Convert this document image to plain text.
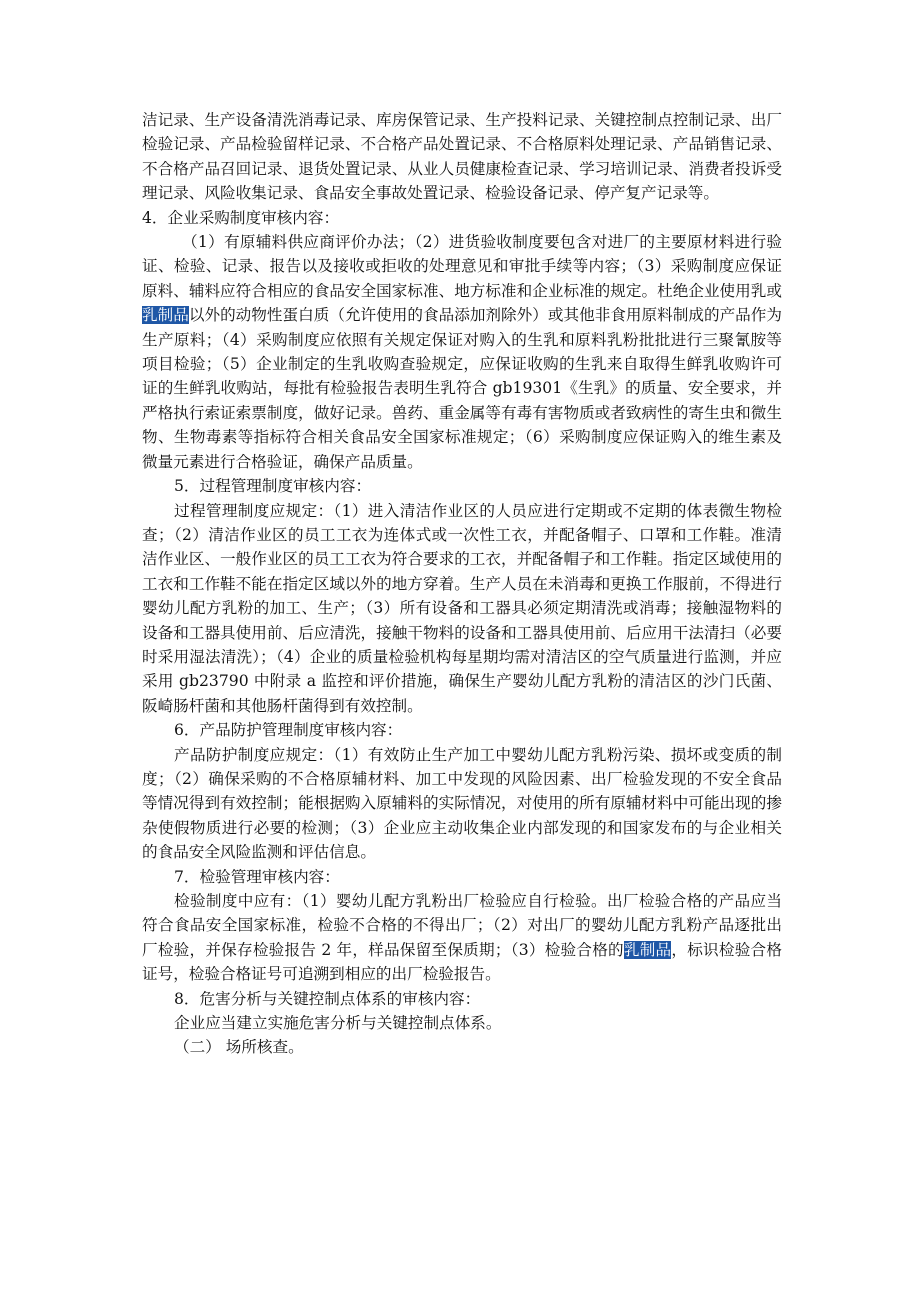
洁记录、生产设备清洗消毒记录、库房保管记录、生产投料记录、关键控制点控制记录、出厂检验记录、产品检验留样记录、不合格产品处置记录、不合格原料处理记录、产品销售记录、不合格产品召回记录、退货处置记录、从业人员健康检查记录、学习培训记录、消费者投诉受理记录、风险收集记录、食品安全事故处置记录、检验设备记录、停产复产记录等。

4．企业采购制度审核内容：

（1）有原辅料供应商评价办法；（2）进货验收制度要包含对进厂的主要原材料进行验证、检验、记录、报告以及接收或拒收的处理意见和审批手续等内容；（3）采购制度应保证原料、辅料应符合相应的食品安全国家标准、地方标准和企业标准的规定。杜绝企业使用乳或乳制品以外的动物性蛋白质（允许使用的食品添加剂除外）或其他非食用原料制成的产品作为生产原料；（4）采购制度应依照有关规定保证对购入的生乳和原料乳粉批批进行三聚氰胺等项目检验；（5）企业制定的生乳收购查验规定，应保证收购的生乳来自取得生鲜乳收购许可证的生鲜乳收购站，每批有检验报告表明生乳符合 gb19301《生乳》的质量、安全要求，并严格执行索证索票制度，做好记录。兽药、重金属等有毒有害物质或者致病性的寄生虫和微生物、生物毒素等指标符合相关食品安全国家标准规定；（6）采购制度应保证购入的维生素及微量元素进行合格验证，确保产品质量。

5．过程管理制度审核内容：

过程管理制度应规定：（1）进入清洁作业区的人员应进行定期或不定期的体表微生物检查；（2）清洁作业区的员工工衣为连体式或一次性工衣，并配备帽子、口罩和工作鞋。准清洁作业区、一般作业区的员工工衣为符合要求的工衣，并配备帽子和工作鞋。指定区域使用的工衣和工作鞋不能在指定区域以外的地方穿着。生产人员在未消毒和更换工作服前，不得进行婴幼儿配方乳粉的加工、生产；（3）所有设备和工器具必须定期清洗或消毒；接触湿物料的设备和工器具使用前、后应清洗，接触干物料的设备和工器具使用前、后应用干法清扫（必要时采用湿法清洗）；（4）企业的质量检验机构每星期均需对清洁区的空气质量进行监测，并应采用 gb23790 中附录 a 监控和评价措施，确保生产婴幼儿配方乳粉的清洁区的沙门氏菌、阪崎肠杆菌和其他肠杆菌得到有效控制。

6．产品防护管理制度审核内容：

产品防护制度应规定：（1）有效防止生产加工中婴幼儿配方乳粉污染、损坏或变质的制度；（2）确保采购的不合格原辅材料、加工中发现的风险因素、出厂检验发现的不安全食品等情况得到有效控制；能根据购入原辅料的实际情况，对使用的所有原辅材料中可能出现的掺杂使假物质进行必要的检测；（3）企业应主动收集企业内部发现的和国家发布的与企业相关的食品安全风险监测和评估信息。

7．检验管理审核内容：

检验制度中应有：（1）婴幼儿配方乳粉出厂检验应自行检验。出厂检验合格的产品应当符合食品安全国家标准，检验不合格的不得出厂；（2）对出厂的婴幼儿配方乳粉产品逐批出厂检验，并保存检验报告 2 年，样品保留至保质期；（3）检验合格的乳制品，标识检验合格证号，检验合格证号可追溯到相应的出厂检验报告。

8．危害分析与关键控制点体系的审核内容：

企业应当建立实施危害分析与关键控制点体系。

（二） 场所核查。
